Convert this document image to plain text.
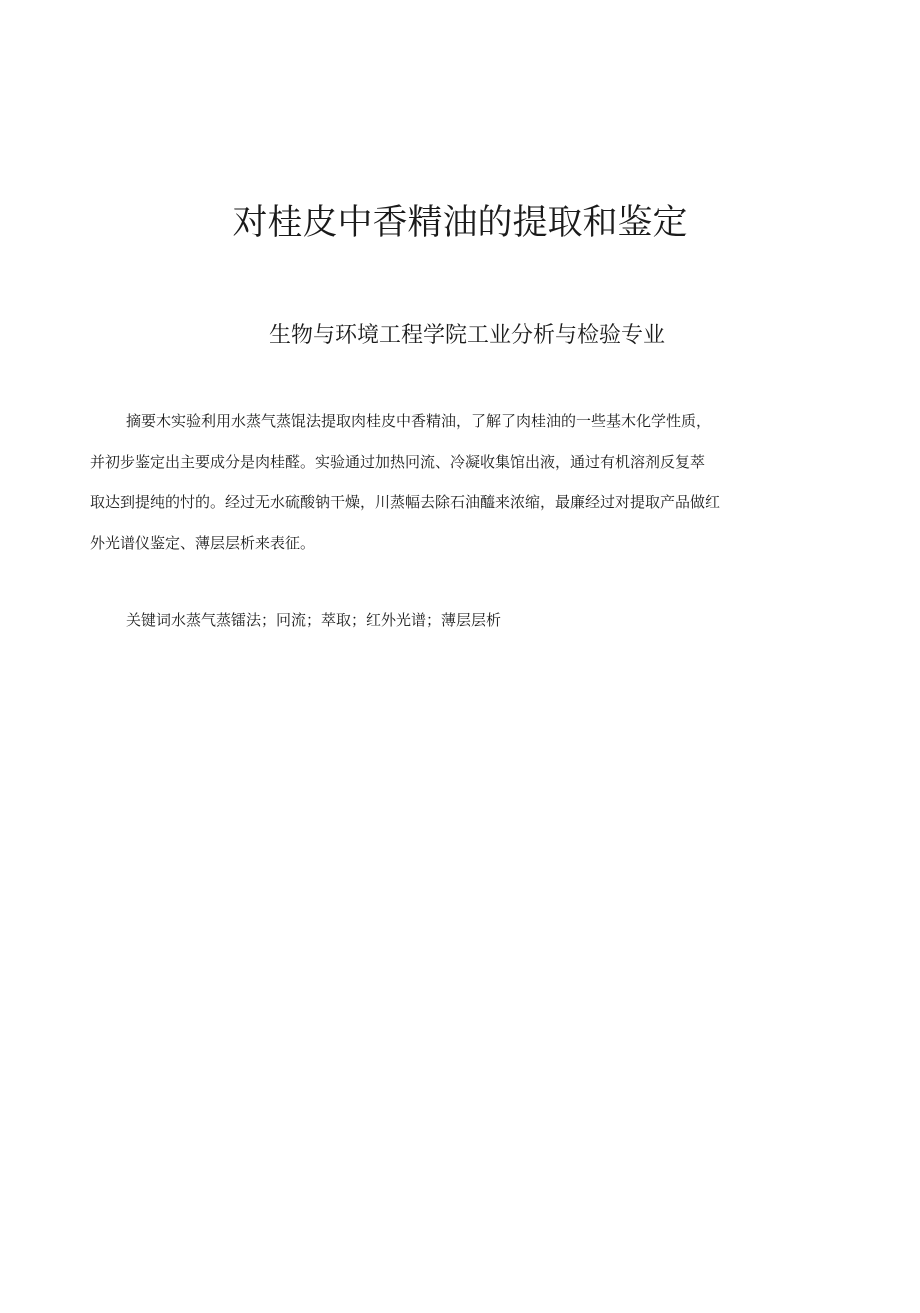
对桂皮中香精油的提取和鉴定

生物与环境工程学院工业分析与检验专业

摘要木实验利用水蒸气蒸馄法提取肉桂皮中香精油，了解了肉桂油的一些基木化学性质，
并初步鉴定出主要成分是肉桂醛。实验通过加热冋流、冷凝收集馆出液，通过有机溶剂反复萃
取达到提纯的忖的。经过无水硫酸钠干燥，川蒸幅去除石油醯来浓缩，最廉经过对提取产品做红
外光谱仪鉴定、薄层层析来表征。

关键词水蒸气蒸镭法；冋流；萃取；红外光谱；薄层层析
